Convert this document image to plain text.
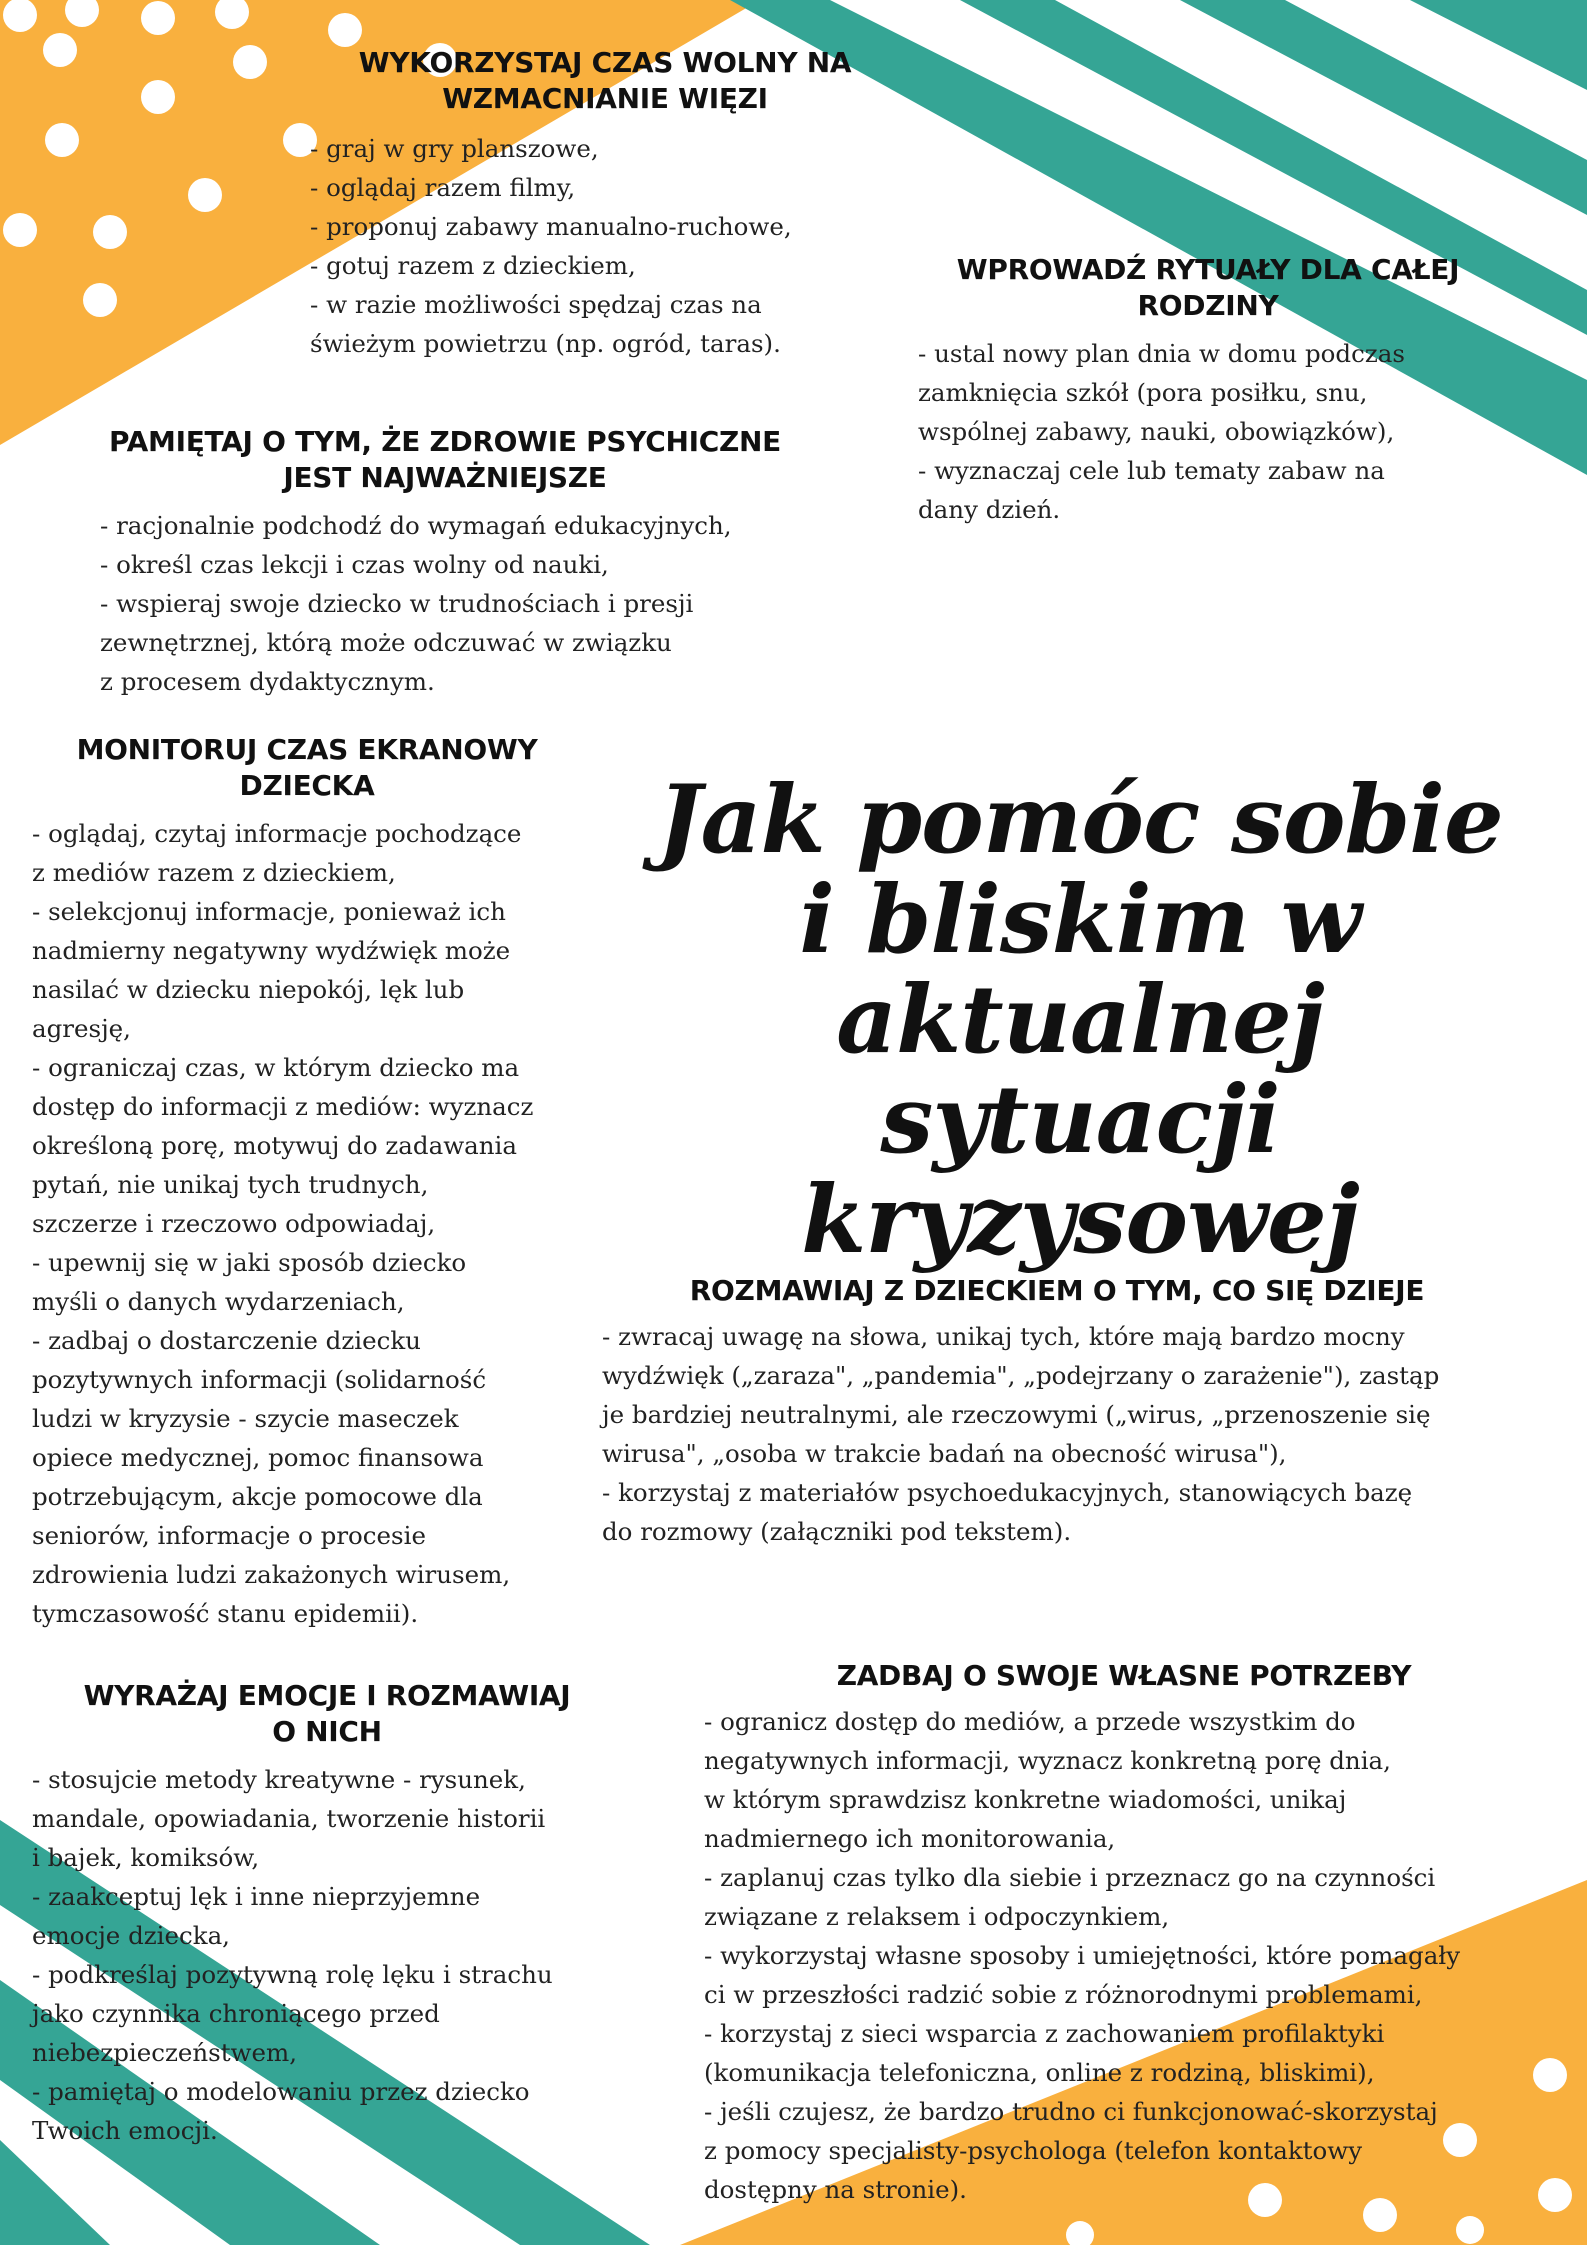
WYKORZYSTAJ CZAS WOLNY NA
WZMACNIANIE WIĘZI

- graj w gry planszowe,
- oglądaj razem filmy,
- proponuj zabawy manualno-ruchowe,
- gotuj razem z dzieckiem,
- w razie możliwości spędzaj czas na
świeżym powietrzu (np. ogród, taras).

WPROWADŹ RYTUAŁY DLA CAŁEJ
RODZINY

- ustal nowy plan dnia w domu podczas
zamknięcia szkół (pora posiłku, snu,
wspólnej zabawy, nauki, obowiązków),
- wyznaczaj cele lub tematy zabaw na
dany dzień.

PAMIĘTAJ O TYM, ŻE ZDROWIE PSYCHICZNE
JEST NAJWAŻNIEJSZE

- racjonalnie podchodź do wymagań edukacyjnych,
- określ czas lekcji i czas wolny od nauki,
- wspieraj swoje dziecko w trudnościach i presji
zewnętrznej, którą może odczuwać w związku
z procesem dydaktycznym.

MONITORUJ CZAS EKRANOWY
DZIECKA

- oglądaj, czytaj informacje pochodzące
z mediów razem z dzieckiem,
- selekcjonuj informacje, ponieważ ich
nadmierny negatywny wydźwięk może
nasilać w dziecku niepokój, lęk lub
agresję,
- ograniczaj czas, w którym dziecko ma
dostęp do informacji z mediów: wyznacz
określoną porę, motywuj do zadawania
pytań, nie unikaj tych trudnych,
szczerze i rzeczowo odpowiadaj,
- upewnij się w jaki sposób dziecko
myśli o danych wydarzeniach,
- zadbaj o dostarczenie dziecku
pozytywnych informacji (solidarność
ludzi w kryzysie - szycie maseczek
opiece medycznej, pomoc finansowa
potrzebującym, akcje pomocowe dla
seniorów, informacje o procesie
zdrowienia ludzi zakażonych wirusem,
tymczasowość stanu epidemii).

Jak pomóc sobie
i bliskim w aktualnej
sytuacji kryzysowej

ROZMAWIAJ Z DZIECKIEM O TYM, CO SIĘ DZIEJE

- zwracaj uwagę na słowa, unikaj tych, które mają bardzo mocny
wydźwięk („zaraza", „pandemia", „podejrzany o zarażenie"), zastąp
je bardziej neutralnymi, ale rzeczowymi („wirus, „przenoszenie się
wirusa", „osoba w trakcie badań na obecność wirusa"),
- korzystaj z materiałów psychoedukacyjnych, stanowiących bazę
do rozmowy (załączniki pod tekstem).

WYRAŻAJ EMOCJE I ROZMAWIAJ
O NICH

- stosujcie metody kreatywne - rysunek,
mandale, opowiadania, tworzenie historii
i bajek, komiksów,
- zaakceptuj lęk i inne nieprzyjemne
emocje dziecka,
- podkreślaj pozytywną rolę lęku i strachu
jako czynnika chroniącego przed
niebezpieczeństwem,
- pamiętaj o modelowaniu przez dziecko
Twoich emocji.

ZADBAJ O SWOJE WŁASNE POTRZEBY

- ogranicz dostęp do mediów, a przede wszystkim do
negatywnych informacji, wyznacz konkretną porę dnia,
w którym sprawdzisz konkretne wiadomości, unikaj
nadmiernego ich monitorowania,
- zaplanuj czas tylko dla siebie i przeznacz go na czynności
związane z relaksem i odpoczynkiem,
- wykorzystaj własne sposoby i umiejętności, które pomagały
ci w przeszłości radzić sobie z różnorodnymi problemami,
- korzystaj z sieci wsparcia z zachowaniem profilaktyki
(komunikacja telefoniczna, online z rodziną, bliskimi),
- jeśli czujesz, że bardzo trudno ci funkcjonować-skorzystaj
z pomocy specjalisty-psychologa (telefon kontaktowy
dostępny na stronie).
